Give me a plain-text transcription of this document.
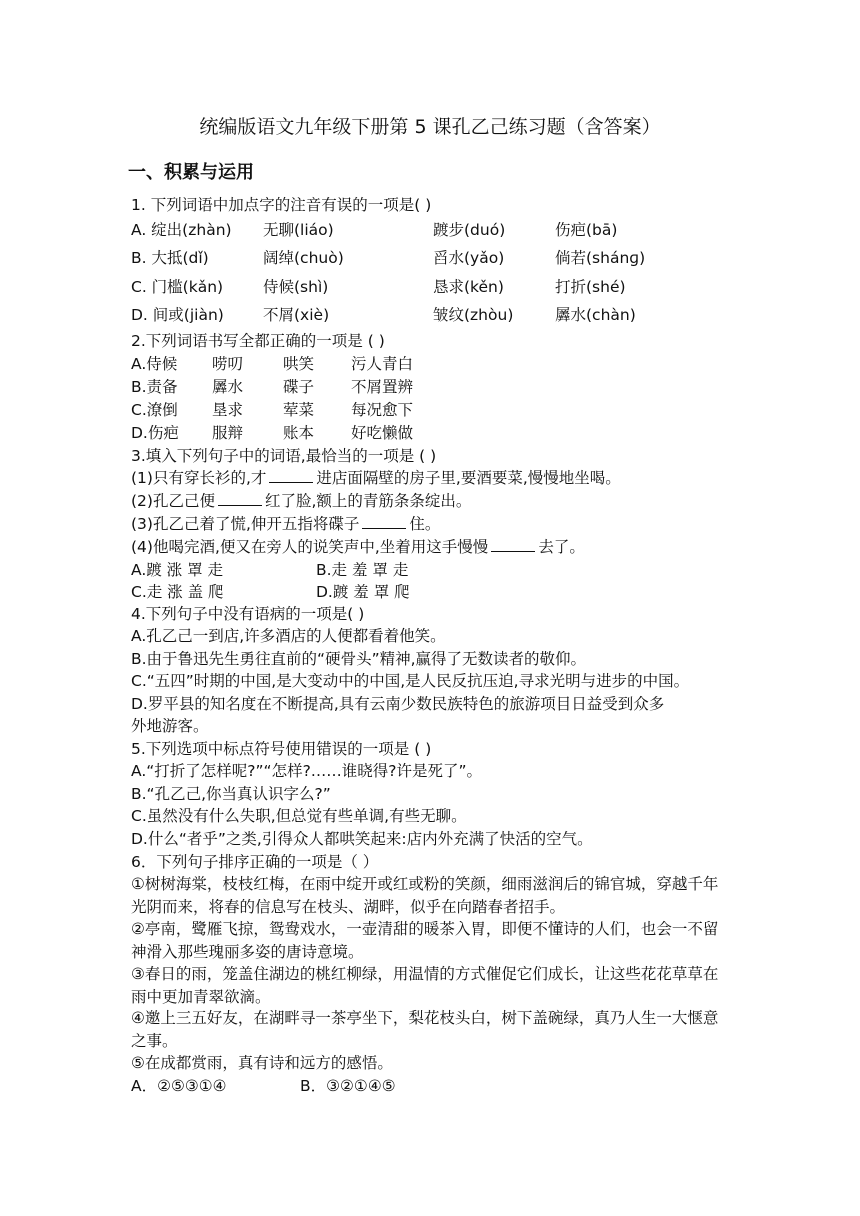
统编版语文九年级下册第 5 课孔乙己练习题（含答案）
一、积累与运用
1. 下列词语中加点字的注音有误的一项是( )
A. 绽出(zhàn) 无聊(liáo)	踱步(duó)	伤疤(bā)
B. 大抵(dǐ)	阔绰(chuò)	舀水(yǎo)	倘若(shánɡ)
C. 门槛(kǎn)	侍候(shì)	恳求(kěn)	打折(shé)
D. 间或(jiàn)	不屑(xiè)	皱纹(zhòu)	羼水(chàn)
2.下列词语书写全都正确的一项是 ( )
A.侍候 唠叨	哄笑 污人青白
B.责备 羼水	碟子 不屑置辨
C.潦倒 垦求	荤菜 每况愈下
D.伤疤 服辩	账本 好吃懒做
3.填入下列句子中的词语,最恰当的一项是 ( )
(1)只有穿长衫的,才	进店面隔壁的房子里,要酒要菜,慢慢地坐喝。
(2)孔乙己便	红了脸,额上的青筋条条绽出。
(3)孔乙己着了慌,伸开五指将碟子	住。
(4)他喝完酒,便又在旁人的说笑声中,坐着用这手慢慢	去了。
A.踱 涨 罩 走	B.走 羞 罩 走
C.走 涨 盖 爬	D.踱 羞 罩 爬
4.下列句子中没有语病的一项是( )
A.孔乙己一到店,许多酒店的人便都看着他笑。
B.由于鲁迅先生勇往直前的“硬骨头”精神,赢得了无数读者的敬仰。
C.“五四”时期的中国,是大变动中的中国,是人民反抗压迫,寻求光明与进步的中国。
D.罗平县的知名度在不断提高,具有云南少数民族特色的旅游项目日益受到众多
外地游客。
5.下列选项中标点符号使用错误的一项是 ( )
A.“打折了怎样呢?”“怎样?……谁晓得?许是死了”。
B.“孔乙己,你当真认识字么?”
C.虽然没有什么失职,但总觉有些单调,有些无聊。
D.什么“者乎”之类,引得众人都哄笑起来:店内外充满了快活的空气。
6．下列句子排序正确的一项是（ ）
①树树海棠，枝枝红梅，在雨中绽开或红或粉的笑颜，细雨滋润后的锦官城，穿越千年光阴而来，将春的信息写在枝头、湖畔，似乎在向踏春者招手。
②亭南，鹭雁飞掠，鸳鸯戏水，一壶清甜的暖茶入胃，即便不懂诗的人们，也会一不留神滑入那些瑰丽多姿的唐诗意境。
③春日的雨，笼盖住湖边的桃红柳绿，用温情的方式催促它们成长，让这些花花草草在雨中更加青翠欲滴。
④邀上三五好友，在湖畔寻一茶亭坐下，梨花枝头白，树下盖碗绿，真乃人生一大惬意之事。
⑤在成都赏雨，真有诗和远方的感悟。
A．②⑤③①④	B．③②①④⑤
